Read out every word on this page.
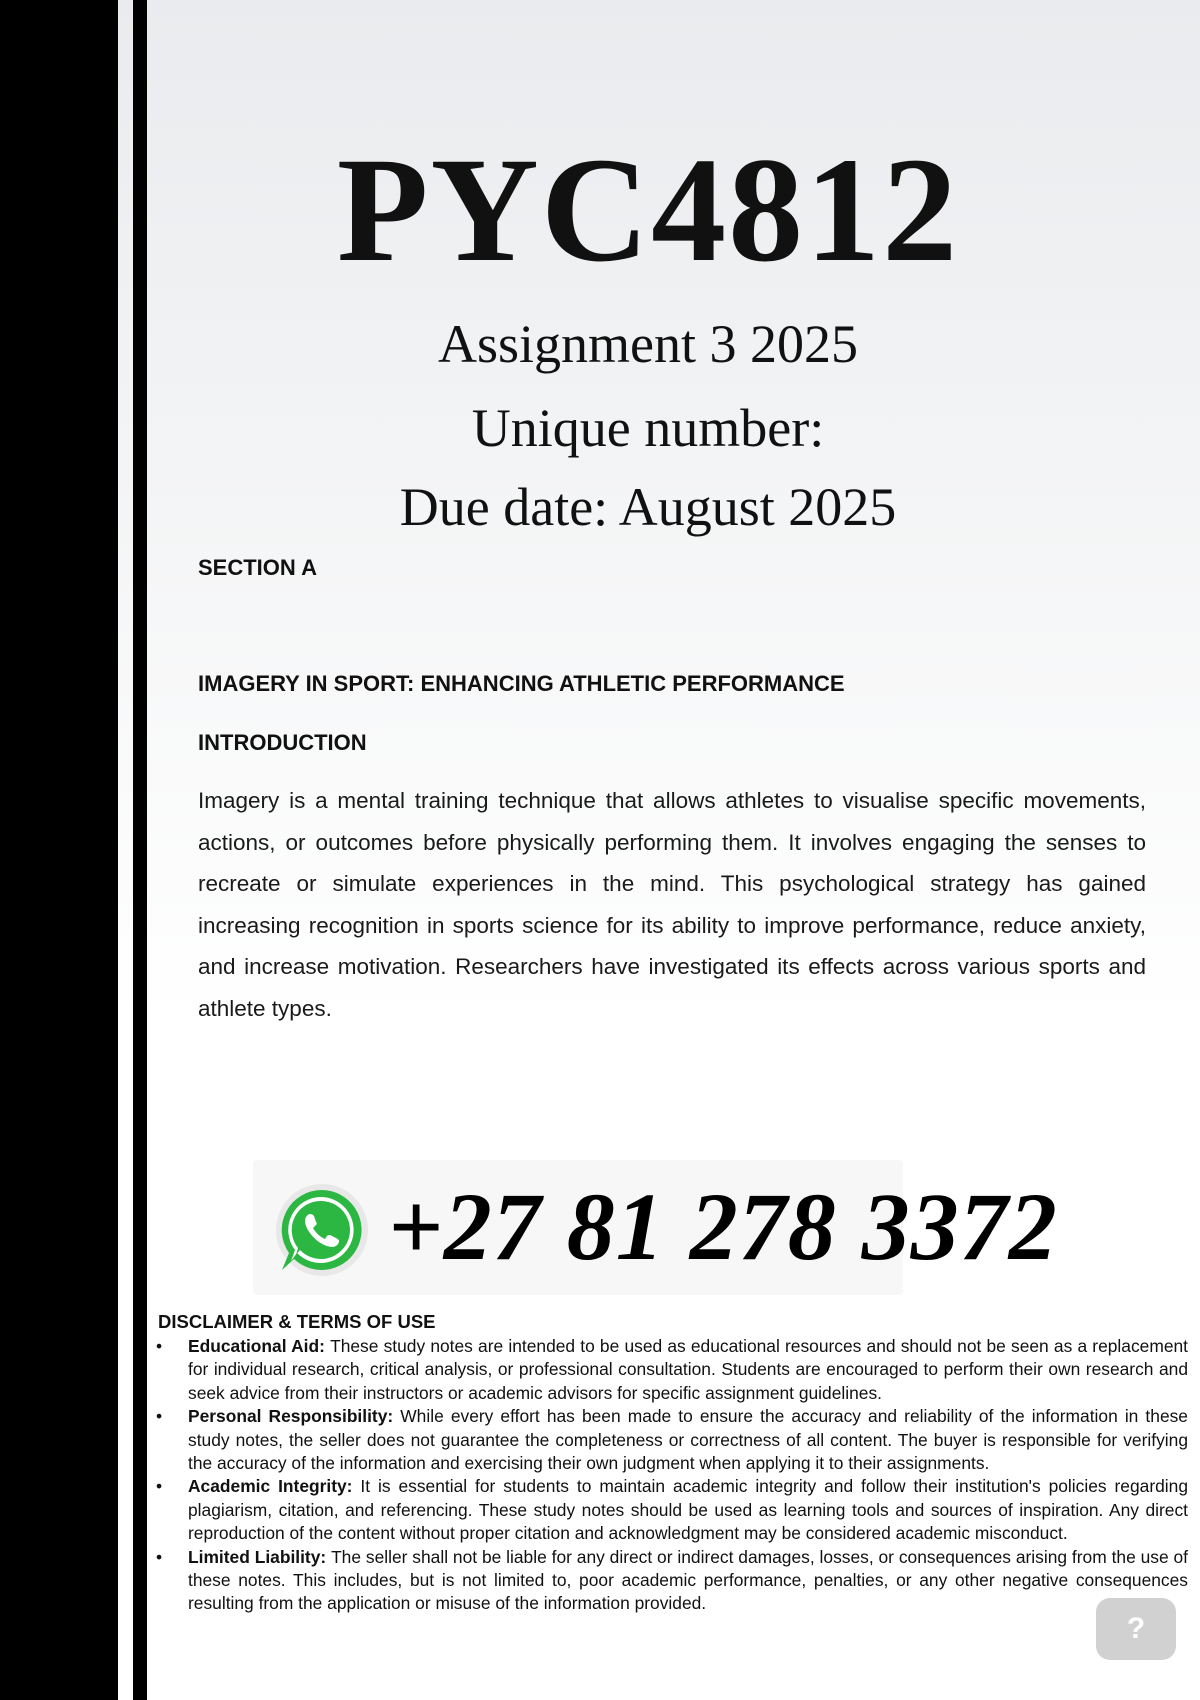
PYC4812
Assignment 3 2025
Unique number:
Due date: August 2025
SECTION A
IMAGERY IN SPORT: ENHANCING ATHLETIC PERFORMANCE
INTRODUCTION
Imagery is a mental training technique that allows athletes to visualise specific movements, actions, or outcomes before physically performing them. It involves engaging the senses to recreate or simulate experiences in the mind. This psychological strategy has gained increasing recognition in sports science for its ability to improve performance, reduce anxiety, and increase motivation. Researchers have investigated its effects across various sports and athlete types.
+27 81 278 3372
DISCLAIMER & TERMS OF USE
•	Educational Aid: These study notes are intended to be used as educational resources and should not be seen as a replacement for individual research, critical analysis, or professional consultation. Students are encouraged to perform their own research and seek advice from their instructors or academic advisors for specific assignment guidelines.
•	Personal Responsibility: While every effort has been made to ensure the accuracy and reliability of the information in these study notes, the seller does not guarantee the completeness or correctness of all content. The buyer is responsible for verifying the accuracy of the information and exercising their own judgment when applying it to their assignments.
•	Academic Integrity: It is essential for students to maintain academic integrity and follow their institution's policies regarding plagiarism, citation, and referencing. These study notes should be used as learning tools and sources of inspiration. Any direct reproduction of the content without proper citation and acknowledgment may be considered academic misconduct.
•	Limited Liability: The seller shall not be liable for any direct or indirect damages, losses, or consequences arising from the use of these notes. This includes, but is not limited to, poor academic performance, penalties, or any other negative consequences resulting from the application or misuse of the information provided.
?
